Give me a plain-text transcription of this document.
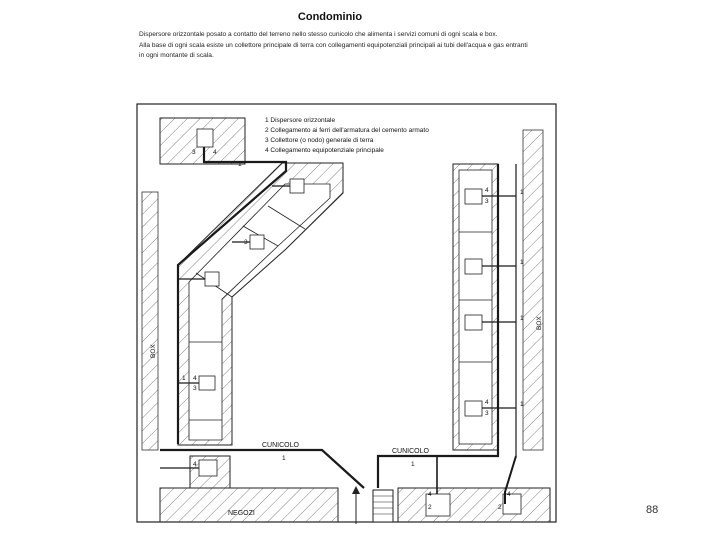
Condominio

Dispersore orizzontale posato a contatto del terreno nello stesso cunicolo che alimenta i servizi comuni di ogni scala e box.

Alla base di ogni scala esiste un collettore principale di terra con collegamenti equipotenziali principali ai tubi dell'acqua e gas entranti in ogni montante di scala.

1 Dispersore orizzontale
2 Collegamento ai ferri dell'armatura del cemento armato
3 Collettore (o nodo) generale di terra
4 Collegamento equipotenziale principale
BOX
BOX
CUNICOLO
CUNICOLO
NEGOZI
1
1
1
1
1
1
1
1
3	4
4
3
4
3
4
3
3
4
4
2
4
2	88
